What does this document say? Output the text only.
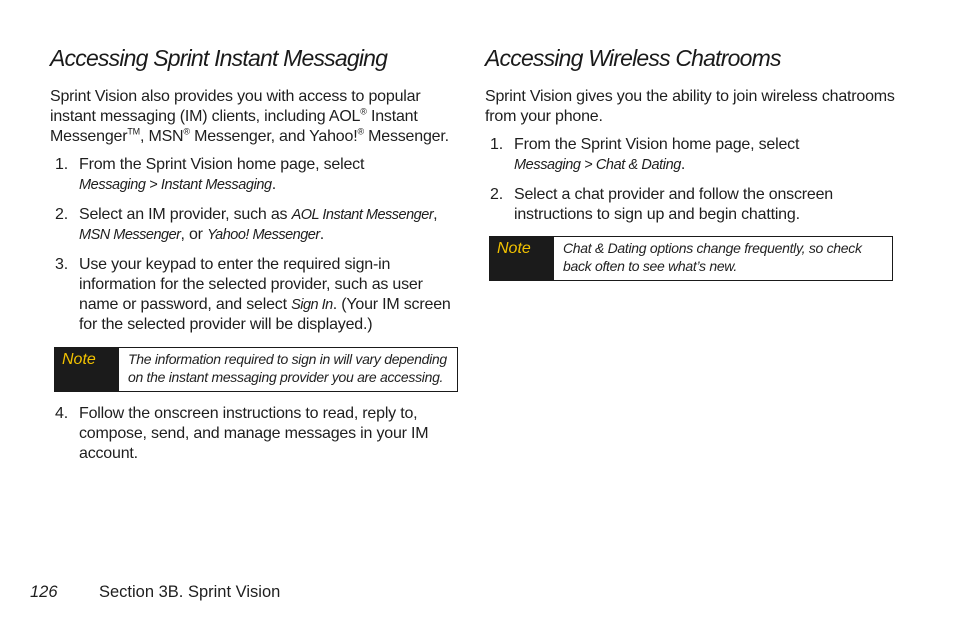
Accessing Sprint Instant Messaging

Sprint Vision also provides you with access to popular instant messaging (IM) clients, including AOL® Instant Messenger™, MSN® Messenger, and Yahoo!® Messenger.

1. From the Sprint Vision home page, select
Messaging > Instant Messaging.
2. Select an IM provider, such as AOL Instant Messenger,
MSN Messenger, or Yahoo! Messenger.
3. Use your keypad to enter the required sign-in information for the selected provider, such as user name or password, and select Sign In. (Your IM screen for the selected provider will be displayed.)
Note	The information required to sign in will vary depending on the instant messaging provider you are accessing.
4. Follow the onscreen instructions to read, reply to, compose, send, and manage messages in your IM account.
Accessing Wireless Chatrooms

Sprint Vision gives you the ability to join wireless chatrooms from your phone.

1. From the Sprint Vision home page, select
Messaging > Chat & Dating.
2. Select a chat provider and follow the onscreen instructions to sign up and begin chatting.
Note	Chat & Dating options change frequently, so check back often to see what’s new.
126	Section 3B. Sprint Vision
